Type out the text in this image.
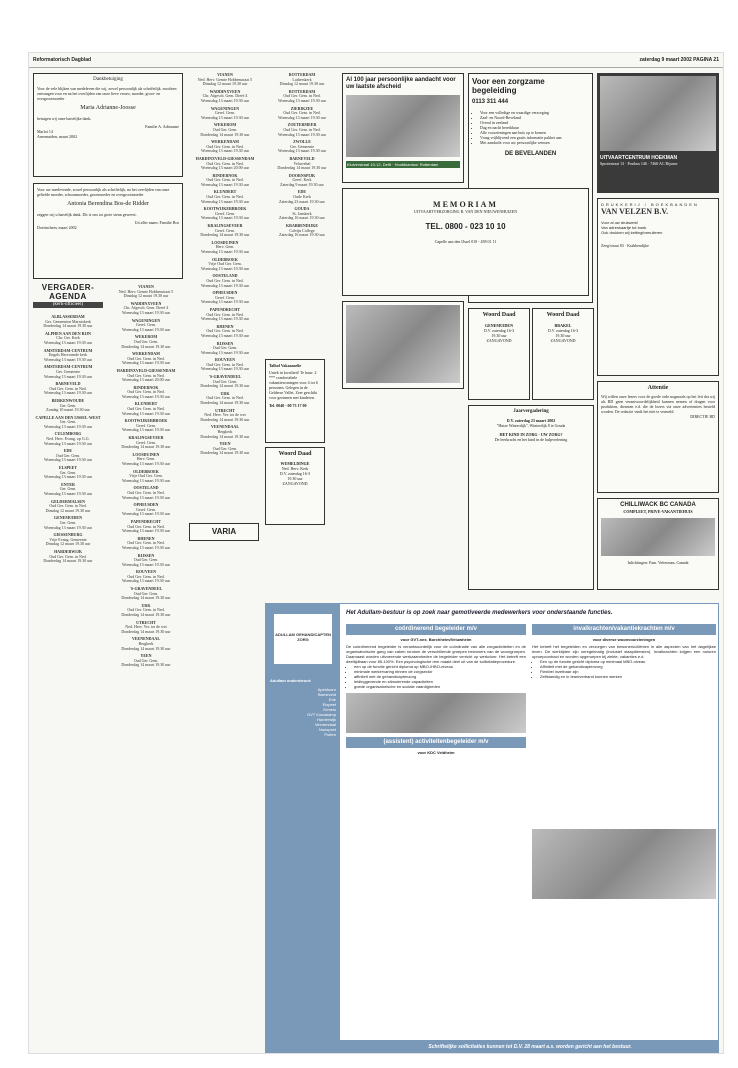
Reformatorisch Dagblad	zaterdag 9 maart 2002 PAGINA 21
Dankbetuiging
Voor de vele blijken van medeleven die wij, zowel persoonlijk als schriftelijk, mochten ontvangen voor en na het overlijden van onze lieve vrouw, moeder, groot- en overgrootmoeder
Maria Adrianne-Joosse
betuigen wij onze hartelijke dank.
Familie A. Adriaanse
Marlot 14
Arnemuiden, maart 2002
Voor uw meelevende, zowel persoonlijk als schriftelijk, na het overlijden van onze geliefde moeder, schoonmoeder, grootmoeder en overgrootmoeder
Antonia Berendina Bos-de Ridder
zeggen wij u hartelijk dank. Dit is ons tot grote steun geweest.
Uit aller naam: Familie Bos
Doetinchem, maart 2002
VERGADER-AGENDA
(kerk-officieel)
ALBLASSERDAM
Ger. Gemeenten Marnixkerk
Donderdag 14 maart 19.30 uur
ALPHEN AAN DEN RIJN
Chr. Ger. Kerk
Woensdag 13 maart 19.30 uur
AMSTERDAM-CENTRUM
Engels Hervormde kerk
Woensdag 13 maart 19.30 uur
AMSTERDAM-CENTRUM
Ger. Gemeente
Woensdag 13 maart 19.30 uur
BARNEVELD
Oud Ger. Gem. in Ned.
Woensdag 13 maart 19.30 uur
BERKENWOUDE
Ger. Gem.
Zondag 10 maart 19.30 uur
CAPELLE AAN DEN IJSSEL-WEST
Ger. Gem.
Woensdag 13 maart 19.30 uur
CULEMBORG
Ned. Herv. Evang. op G.G.
Woensdag 13 maart 19.30 uur
EDE
Oud Ger. Gem.
Woensdag 13 maart 19.30 uur
ELSPEET
Ger. Gem.
Woensdag 13 maart 19.30 uur
ENTER
Ger. Gem.
Woensdag 13 maart 19.30 uur
GELDERMALSEN
Oud Ger. Gem. in Ned.
Dinsdag 12 maart 19.30 uur
GENEMUIDEN
Ger. Gem.
Woensdag 13 maart 19.30 uur
GIESSENBURG
Vrije Evang. Gemeente
Dinsdag 12 maart 19.30 uur
HARDERWIJK
Oud Ger. Gem. in Ned.
Donderdag 14 maart 19.30 uur
VIANEN
Ned. Herv. Gemte Hobbenstraat 5
Dinsdag 12 maart 19.30 uur
WADDINXVEEN
Chr. Afgesch. Gem. Dreef 4
Woensdag 13 maart 19.30 uur
WAGENINGEN
Geref. Gem.
Woensdag 13 maart 19.30 uur
WEKEROM
Oud Ger. Gem.
Donderdag 14 maart 19.30 uur
WERKENDAM
Oud Ger. Gem. in Ned.
Woensdag 13 maart 19.30 uur
HARDINXVELD-GIESSENDAM
Oud Ger. Gem. in Ned.
Woensdag 13 maart 20.00 uur
RINDERNOK
Oud Ger. Gem. in Ned.
Woensdag 13 maart 19.30 uur
KLUNDERT
Oud Ger. Gem. in Ned.
Woensdag 13 maart 19.30 uur
KOOTWIJKERBROEK
Geref. Gem.
Woensdag 13 maart 19.30 uur
KRALINGSEVEER
Geref. Gem.
Donderdag 14 maart 19.30 uur
LOOSDUINEN
Herv. Gem.
Woensdag 13 maart 19.30 uur
OLDEBROEK
Vrije Oud Ger. Gem.
Woensdag 13 maart 19.30 uur
OOSTELAND
Oud Ger. Gem. in Ned.
Woensdag 13 maart 19.30 uur
OPHEUSDEN
Geref. Gem.
Woensdag 13 maart 19.30 uur
PAPENDRECHT
Oud Ger. Gem. in Ned.
Woensdag 13 maart 19.30 uur
RHENEN
Oud Ger. Gem. in Ned.
Woensdag 13 maart 19.30 uur
RIJSSEN
Oud Ger. Gem.
Woensdag 13 maart 19.30 uur
ROUVEEN
Oud Ger. Gem. in Ned.
Woensdag 13 maart 19.30 uur
'S-GRAVENDEEL
Oud Ger. Gem.
Donderdag 14 maart 19.30 uur
URK
Oud Ger. Gem. in Ned.
Donderdag 14 maart 19.30 uur
UTRECHT
Ned. Herv. Ver. tot de wet
Donderdag 14 maart 19.30 uur
VEENENDAAL
Bergkerk
Donderdag 14 maart 19.30 uur
YEEN
Oud Ger. Gem.
Donderdag 14 maart 19.30 uur
VIANEN
Ned. Herv. Gemte Hobbenstraat 5
Dinsdag 12 maart 19.30 uur
WADDINXVEEN
Chr. Afgesch. Gem. Dreef 4
Woensdag 13 maart 19.30 uur
WAGENINGEN
Geref. Gem.
Woensdag 13 maart 19.30 uur
WEKEROM
Oud Ger. Gem.
Donderdag 14 maart 19.30 uur
WERKENDAM
Oud Ger. Gem. in Ned.
Woensdag 13 maart 19.30 uur
HARDINXVELD-GIESSENDAM
Oud Ger. Gem. in Ned.
Woensdag 13 maart 20.00 uur
RINDERNOK
Oud Ger. Gem. in Ned.
Woensdag 13 maart 19.30 uur
KLUNDERT
Oud Ger. Gem. in Ned.
Woensdag 13 maart 19.30 uur
KOOTWIJKERBROEK
Geref. Gem.
Woensdag 13 maart 19.30 uur
KRALINGSEVEER
Geref. Gem.
Donderdag 14 maart 19.30 uur
LOOSDUINEN
Herv. Gem.
Woensdag 13 maart 19.30 uur
OLDEBROEK
Vrije Oud Ger. Gem.
Woensdag 13 maart 19.30 uur
OOSTELAND
Oud Ger. Gem. in Ned.
Woensdag 13 maart 19.30 uur
OPHEUSDEN
Geref. Gem.
Woensdag 13 maart 19.30 uur
PAPENDRECHT
Oud Ger. Gem. in Ned.
Woensdag 13 maart 19.30 uur
RHENEN
Oud Ger. Gem. in Ned.
Woensdag 13 maart 19.30 uur
RIJSSEN
Oud Ger. Gem.
Woensdag 13 maart 19.30 uur
ROUVEEN
Oud Ger. Gem. in Ned.
Woensdag 13 maart 19.30 uur
'S-GRAVENDEEL
Oud Ger. Gem.
Donderdag 14 maart 19.30 uur
URK
Oud Ger. Gem. in Ned.
Donderdag 14 maart 19.30 uur
UTRECHT
Ned. Herv. Ver. tot de wet
Donderdag 14 maart 19.30 uur
VEENENDAAL
Bergkerk
Donderdag 14 maart 19.30 uur
YEEN
Oud Ger. Gem.
Donderdag 14 maart 19.30 uur
ROTTERDAM
Lutherskerk
Dinsdag 12 maart 19.30 uur
ROTTERDAM
Oud Ger. Gem. in Ned.
Woensdag 13 maart 19.30 uur
ZIERIKZEE
Oud Ger. Gem. in Ned.
Woensdag 13 maart 19.30 uur
ZOETERMEER
Oud Ger. Gem. in Ned.
Woensdag 13 maart 19.30 uur
ZWOLLE
Ger. Gemeente
Woensdag 13 maart 19.30 uur
BARNEVELD
Veluwehal
Donderdag 14 maart 19.30 uur
DOORNSPIJK
Geref. Kerk
Zaterdag 9 maart 19.30 uur
EDE
Oude Kerk
Zaterdag 23 maart 19.30 uur
GOUDA
St. Janskerk
Zaterdag 16 maart 19.30 uur
KRABBENDIJKE
Calvijn College
Zaterdag 16 maart 19.30 uur
Al 100 jaar persoonlijke aandacht voor uw laatste afscheid
Kluiverstraat 10-12, Delft · Hoofdkantoor Rotterdam
Voor een zorgzame begeleiding
0113 311 444
• Voor een volledige en waardige verzorging
• Zaal- en Noord-Beveland
• Overal in zeeland
• Dag en nacht bereikbaar
• Alle voorzieningen aan huis op te komen
• Vraag vrijblijvend een gratis informatie pakket aan
• Met aandacht voor uw persoonlijke wensen
DE BEVELANDEN
UITVAARTCENTRUM HOEKMAN
Sprotestraat 13 · Postbus 146 · 7460 AC Rijssen
MEMORIAM
UITVAARTVERZORGING R. VAN DEN NIEUWENHUIZEN
TEL. 0800 - 023 10 10
Capelle aan den IJssel 010 - 458 01 11
DRUKKERIJ / BOEKBANDEN
VAN VELZEN B.V.
Voor al uw drukwerk!
Van adreskaartje tot boek
Ook drukken wij kettingformulieren
Zeeg/straat 83 · Krabbendijke
Woord Daad
GENEMUIDEN
D.V. zaterdag 16-3
19.30 uur
ZANGAVOND
Woord Daad
BRAKEL
D.V. zaterdag 16-3
19.30 uur
ZANGAVOND
Jaarvergadering
D.V. zaterdag 23 maart 2002
"Huize Winterdijk", Winterdijk 8 te Gouda
HET KIND IN ZORG - UW ZORG?
De leerkracht en het kind in de hulpverlening
Attentie
Wij willen onze lezers voor de goede orde nogmaals op het feit dat wij als RD geen verantwoordelijkheid kunnen nemen of dragen voor produkten, diensten e.d. die de lezers via onze advertenties besteld worden. De redactie vindt het niet te vermeld.
DIRECTIE RD
CHILLIWACK BC CANADA
COMPLEET, PRIVE-VAKANTIEHUIS
Inlichtingen: Fam. Vetterman, Canada
Talhof Vakaanselie
Uniek in kwaliteit! Te huur: 2 *** comfortabele vakantiewoningen voor 4 tot 6 personen. Gelegen in de Gelderse Vallei. Zeer geschikt voor gezinnen met kinderen.
Tel. 0040 - 00 73 17 00
Woord Daad
WEMELDINGE
Ned. Herv. Kerk
D.V. zaterdag 16-3
19.30 uur
ZANGAVOND
VARIA
Het Adullam-bestuur is op zoek naar gemotiveerde medewerkers voor onderstaande functies.
ADULLAM GEHANDICAPTEN ZORG
Adullam ondersteunt:
Apeldoorn
Barneveld
Ede
Elspeet
Ermelo
GVT Kouwkamp
Harderwijk
Veenendaal
Nunspeet
Putten
coördinerend begeleider m/v
voor GVT-nex. Borchheim/Veluwheim
De coördinerend begeleider is verantwoordelijk voor de coördinatie van alle zorgactiviteiten en de organisatorische gang van zaken rondom de verschillende groepen bewoners van de woongroepen. Daarnaast worden uitvoerende werkzaamheden de begeleider verricht op werkvloer. Het betreft een deeltijdbaan voor 85-100%. Een psychologische rem maakt deel uit van de sollicitatieprocedure.
• een op de functie gericht diploma op MBO-/HBO-niveau
• minimale werkervaring binnen de zorgsector
• affiniteit met de gehandicaptenzorg
• leidinggevende en stimulerende capaciteiten
• goede organisatorische en sociale vaardigheden
(assistent) activiteitenbegeleider m/v
voor KDC Veldheim
invalkrachten/vakantiekrachten m/v
voor diverse woonvoorzieningen
Het betreft het begeleiden en verzorgen van bewoners/cliënten in alle aspecten van het dagelijkse leven. De werktijden zijn onregelmatig (inclusief slaapdiensten). Invalkrachten krijgen een nuluren oproepcontract en worden opgeroepen bij ziekte, vakanties e.d.
• Een op de functie gericht diploma op minimaal MBO-niveau
• Affiniteit met de gehandicaptenzorg
• Flexibel inzetbaar zijn
• Zelfstandig en in teamverband kunnen werken
Schriftelijke sollicitaties kunnen tot D.V. 28 maart a.s. worden gericht aan het bestuur.
